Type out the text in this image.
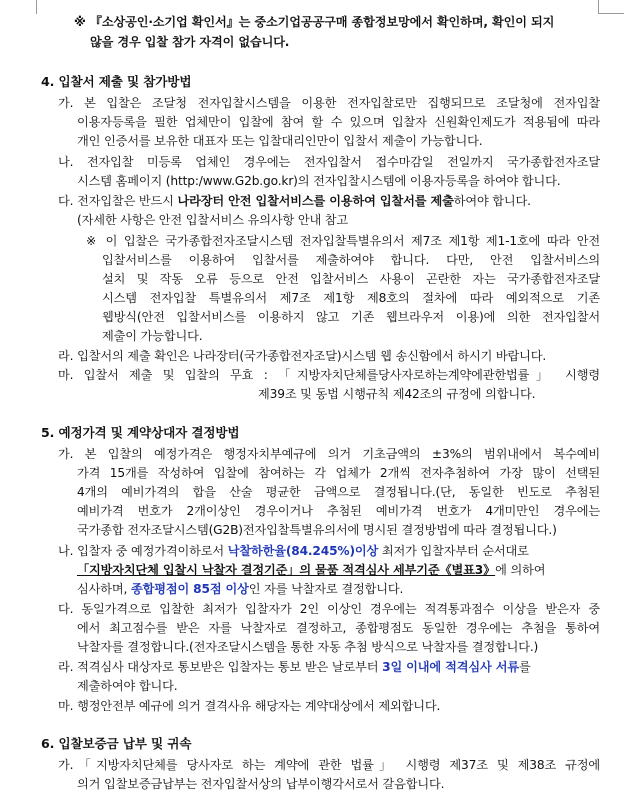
※ 『소상공인·소기업 확인서』는 중소기업공공구매 종합정보망에서 확인하며, 확인이 되지
않을 경우 입찰 참가 자격이 없습니다.
4. 입찰서 제출 및 참가방법
가. 본 입찰은 조달청 전자입찰시스템을 이용한 전자입찰로만 집행되므로 조달청에 전자입찰
이용자등록을 필한 업체만이 입찰에 참여 할 수 있으며 입찰자 신원확인제도가 적용됨에 따라
개인 인증서를 보유한 대표자 또는 입찰대리인만이 입찰서 제출이 가능합니다.
나. 전자입찰 미등록 업체인 경우에는 전자입찰서 접수마감일 전일까지 국가종합전자조달
시스템 홈페이지 (http:/www.G2b.go.kr)의 전자입찰시스템에 이용자등록을 하여야 합니다.
다. 전자입찰은 반드시 나라장터 안전 입찰서비스를 이용하여 입찰서를 제출하여야 합니다.
(자세한 사항은 안전 입찰서비스 유의사항 안내 참고
※ 이 입찰은 국가종합전자조달시스템 전자입찰특별유의서 제7조 제1항 제1-1호에 따라 안전
입찰서비스를 이용하여 입찰서를 제출하여야 합니다. 다만, 안전 입찰서비스의
설치 및 작동 오류 등으로 안전 입찰서비스 사용이 곤란한 자는 국가종합전자조달
시스템 전자입찰 특별유의서 제7조 제1항 제8호의 절차에 따라 예외적으로 기존
웹방식(안전 입찰서비스를 이용하지 않고 기존 웹브라우저 이용)에 의한 전자입찰서
제출이 가능합니다.
라. 입찰서의 제출 확인은 나라장터(국가종합전자조달)시스템 웹 송신함에서 하시기 바랍니다.
마. 입찰서 제출 및 입찰의 무효 : 「지방자치단체를당사자로하는계약에관한법률」 시행령
제39조 및 동법 시행규칙 제42조의 규정에 의합니다.
5. 예정가격 및 계약상대자 결정방법
가. 본 입찰의 예정가격은 행정자치부예규에 의거 기초금액의 ±3%의 범위내에서 복수예비
가격 15개를 작성하여 입찰에 참여하는 각 업체가 2개씩 전자추첨하여 가장 많이 선택된
4개의 예비가격의 합을 산술 평균한 금액으로 결정됩니다.(단, 동일한 빈도로 추첨된
예비가격 번호가 2개이상인 경우이거나 추첨된 예비가격 번호가 4개미만인 경우에는
국가종합 전자조달시스템(G2B)전자입찰특별유의서에 명시된 결정방법에 따라 결정됩니다.)
나. 입찰자 중 예정가격이하로서 낙찰하한율(84.245%)이상 최저가 입찰자부터 순서대로
「지방자치단체 입찰시 낙찰자 결정기준」의 물품 적격심사 세부기준《별표3》에 의하여
심사하며, 종합평점이 85점 이상인 자를 낙찰자로 결정합니다.
다. 동일가격으로 입찰한 최저가 입찰자가 2인 이상인 경우에는 적격통과점수 이상을 받은자 중
에서 최고점수를 받은 자를 낙찰자로 결정하고, 종합평점도 동일한 경우에는 추첨을 통하여
낙찰자를 결정합니다.(전자조달시스템을 통한 자동 추첨 방식으로 낙찰자를 결정합니다.)
라. 적격심사 대상자로 통보받은 입찰자는 통보 받은 날로부터 3일 이내에 적격심사 서류를
제출하여야 합니다.
마. 행정안전부 예규에 의거 결격사유 해당자는 계약대상에서 제외합니다.
6. 입찰보증금 납부 및 귀속
가.「지방자치단체를 당사자로 하는 계약에 관한 법률」 시행령 제37조 및 제38조 규정에
의거 입찰보증금납부는 전자입찰서상의 납부이행각서로서 갈음합니다.
